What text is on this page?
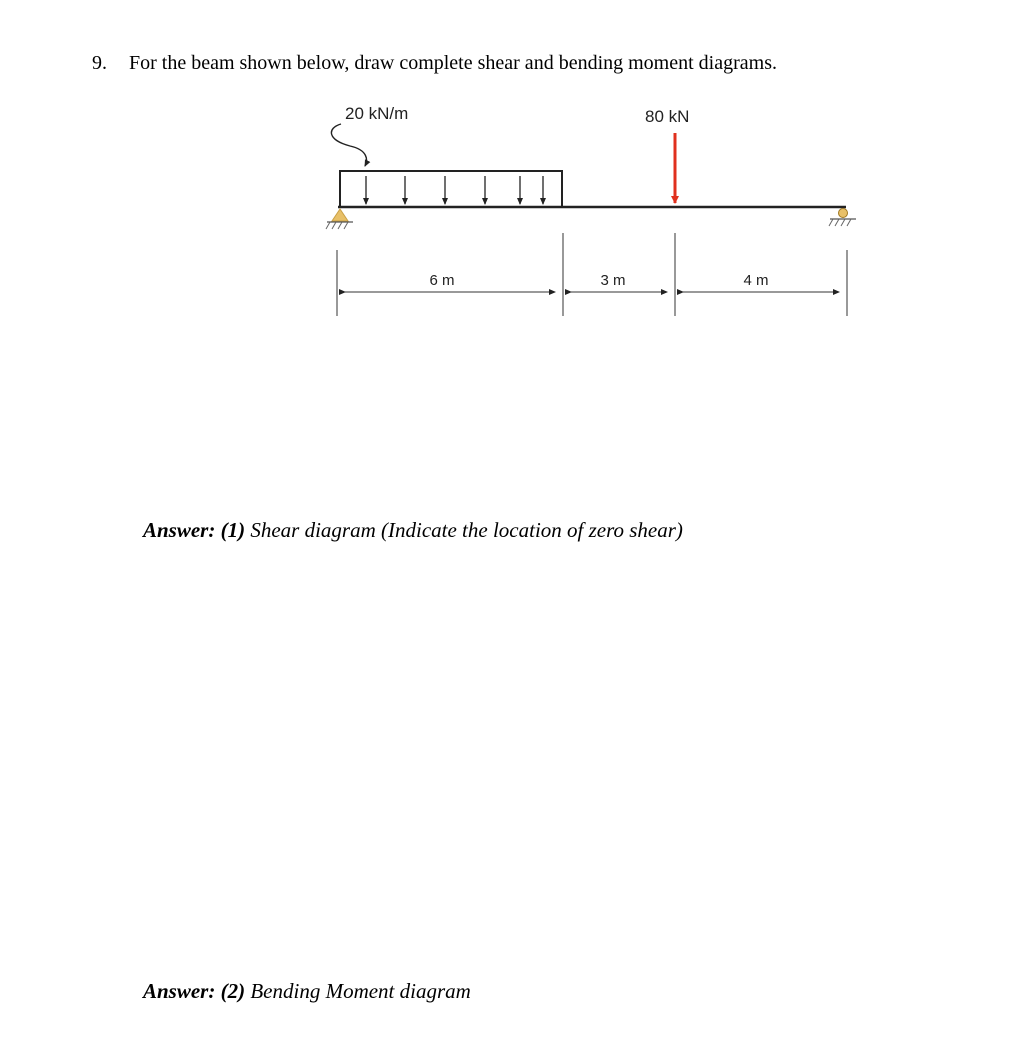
9. For the beam shown below, draw complete shear and bending moment diagrams.
20 kN/m	80 kN
6 m	3 m	4 m
Answer: (1) Shear diagram (Indicate the location of zero shear)
Answer: (2) Bending Moment diagram
